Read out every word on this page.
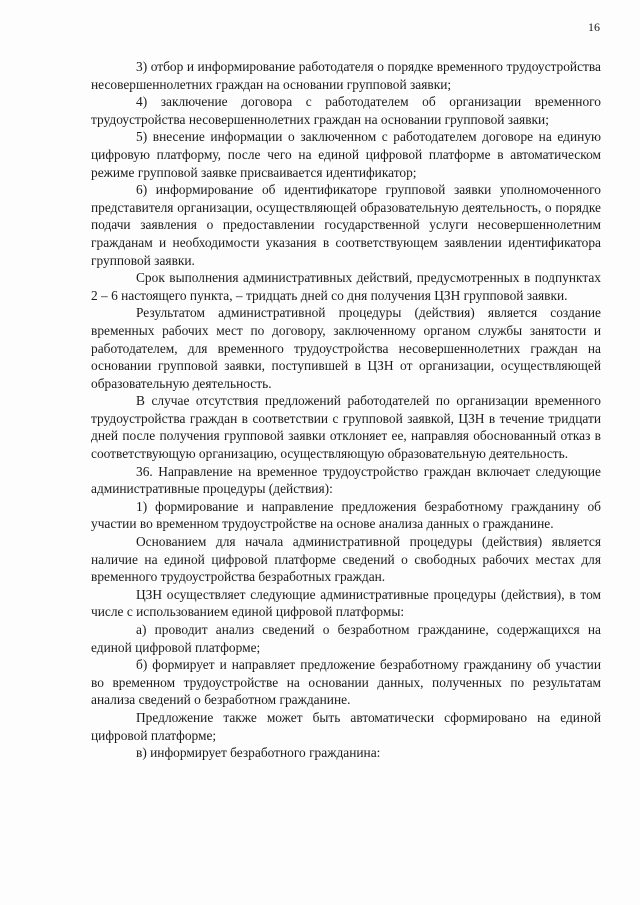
16

3) отбор и информирование работодателя о порядке временного трудоустройства несовершеннолетних граждан на основании групповой заявки;

4) заключение договора с работодателем об организации временного трудоустройства несовершеннолетних граждан на основании групповой заявки;

5) внесение информации о заключенном с работодателем договоре на единую цифровую платформу, после чего на единой цифровой платформе в автоматическом режиме групповой заявке присваивается идентификатор;

6) информирование об идентификаторе групповой заявки уполномоченного представителя организации, осуществляющей образовательную деятельность, о порядке подачи заявления о предоставлении государственной услуги несовершеннолетним гражданам и необходимости указания в соответствующем заявлении идентификатора групповой заявки.

Срок выполнения административных действий, предусмотренных в подпунктах 2 – 6 настоящего пункта, – тридцать дней со дня получения ЦЗН групповой заявки.

Результатом административной процедуры (действия) является создание временных рабочих мест по договору, заключенному органом службы занятости и работодателем, для временного трудоустройства несовершеннолетних граждан на основании групповой заявки, поступившей в ЦЗН от организации, осуществляющей образовательную деятельность.

В случае отсутствия предложений работодателей по организации временного трудоустройства граждан в соответствии с групповой заявкой, ЦЗН в течение тридцати дней после получения групповой заявки отклоняет ее, направляя обоснованный отказ в соответствующую организацию, осуществляющую образовательную деятельность.

36. Направление на временное трудоустройство граждан включает следующие административные процедуры (действия):

1) формирование и направление предложения безработному гражданину об участии во временном трудоустройстве на основе анализа данных о гражданине.

Основанием для начала административной процедуры (действия) является наличие на единой цифровой платформе сведений о свободных рабочих местах для временного трудоустройства безработных граждан.

ЦЗН осуществляет следующие административные процедуры (действия), в том числе с использованием единой цифровой платформы:

а) проводит анализ сведений о безработном гражданине, содержащихся на единой цифровой платформе;

б) формирует и направляет предложение безработному гражданину об участии во временном трудоустройстве на основании данных, полученных по результатам анализа сведений о безработном гражданине.

Предложение также может быть автоматически сформировано на единой цифровой платформе;

в) информирует безработного гражданина:
